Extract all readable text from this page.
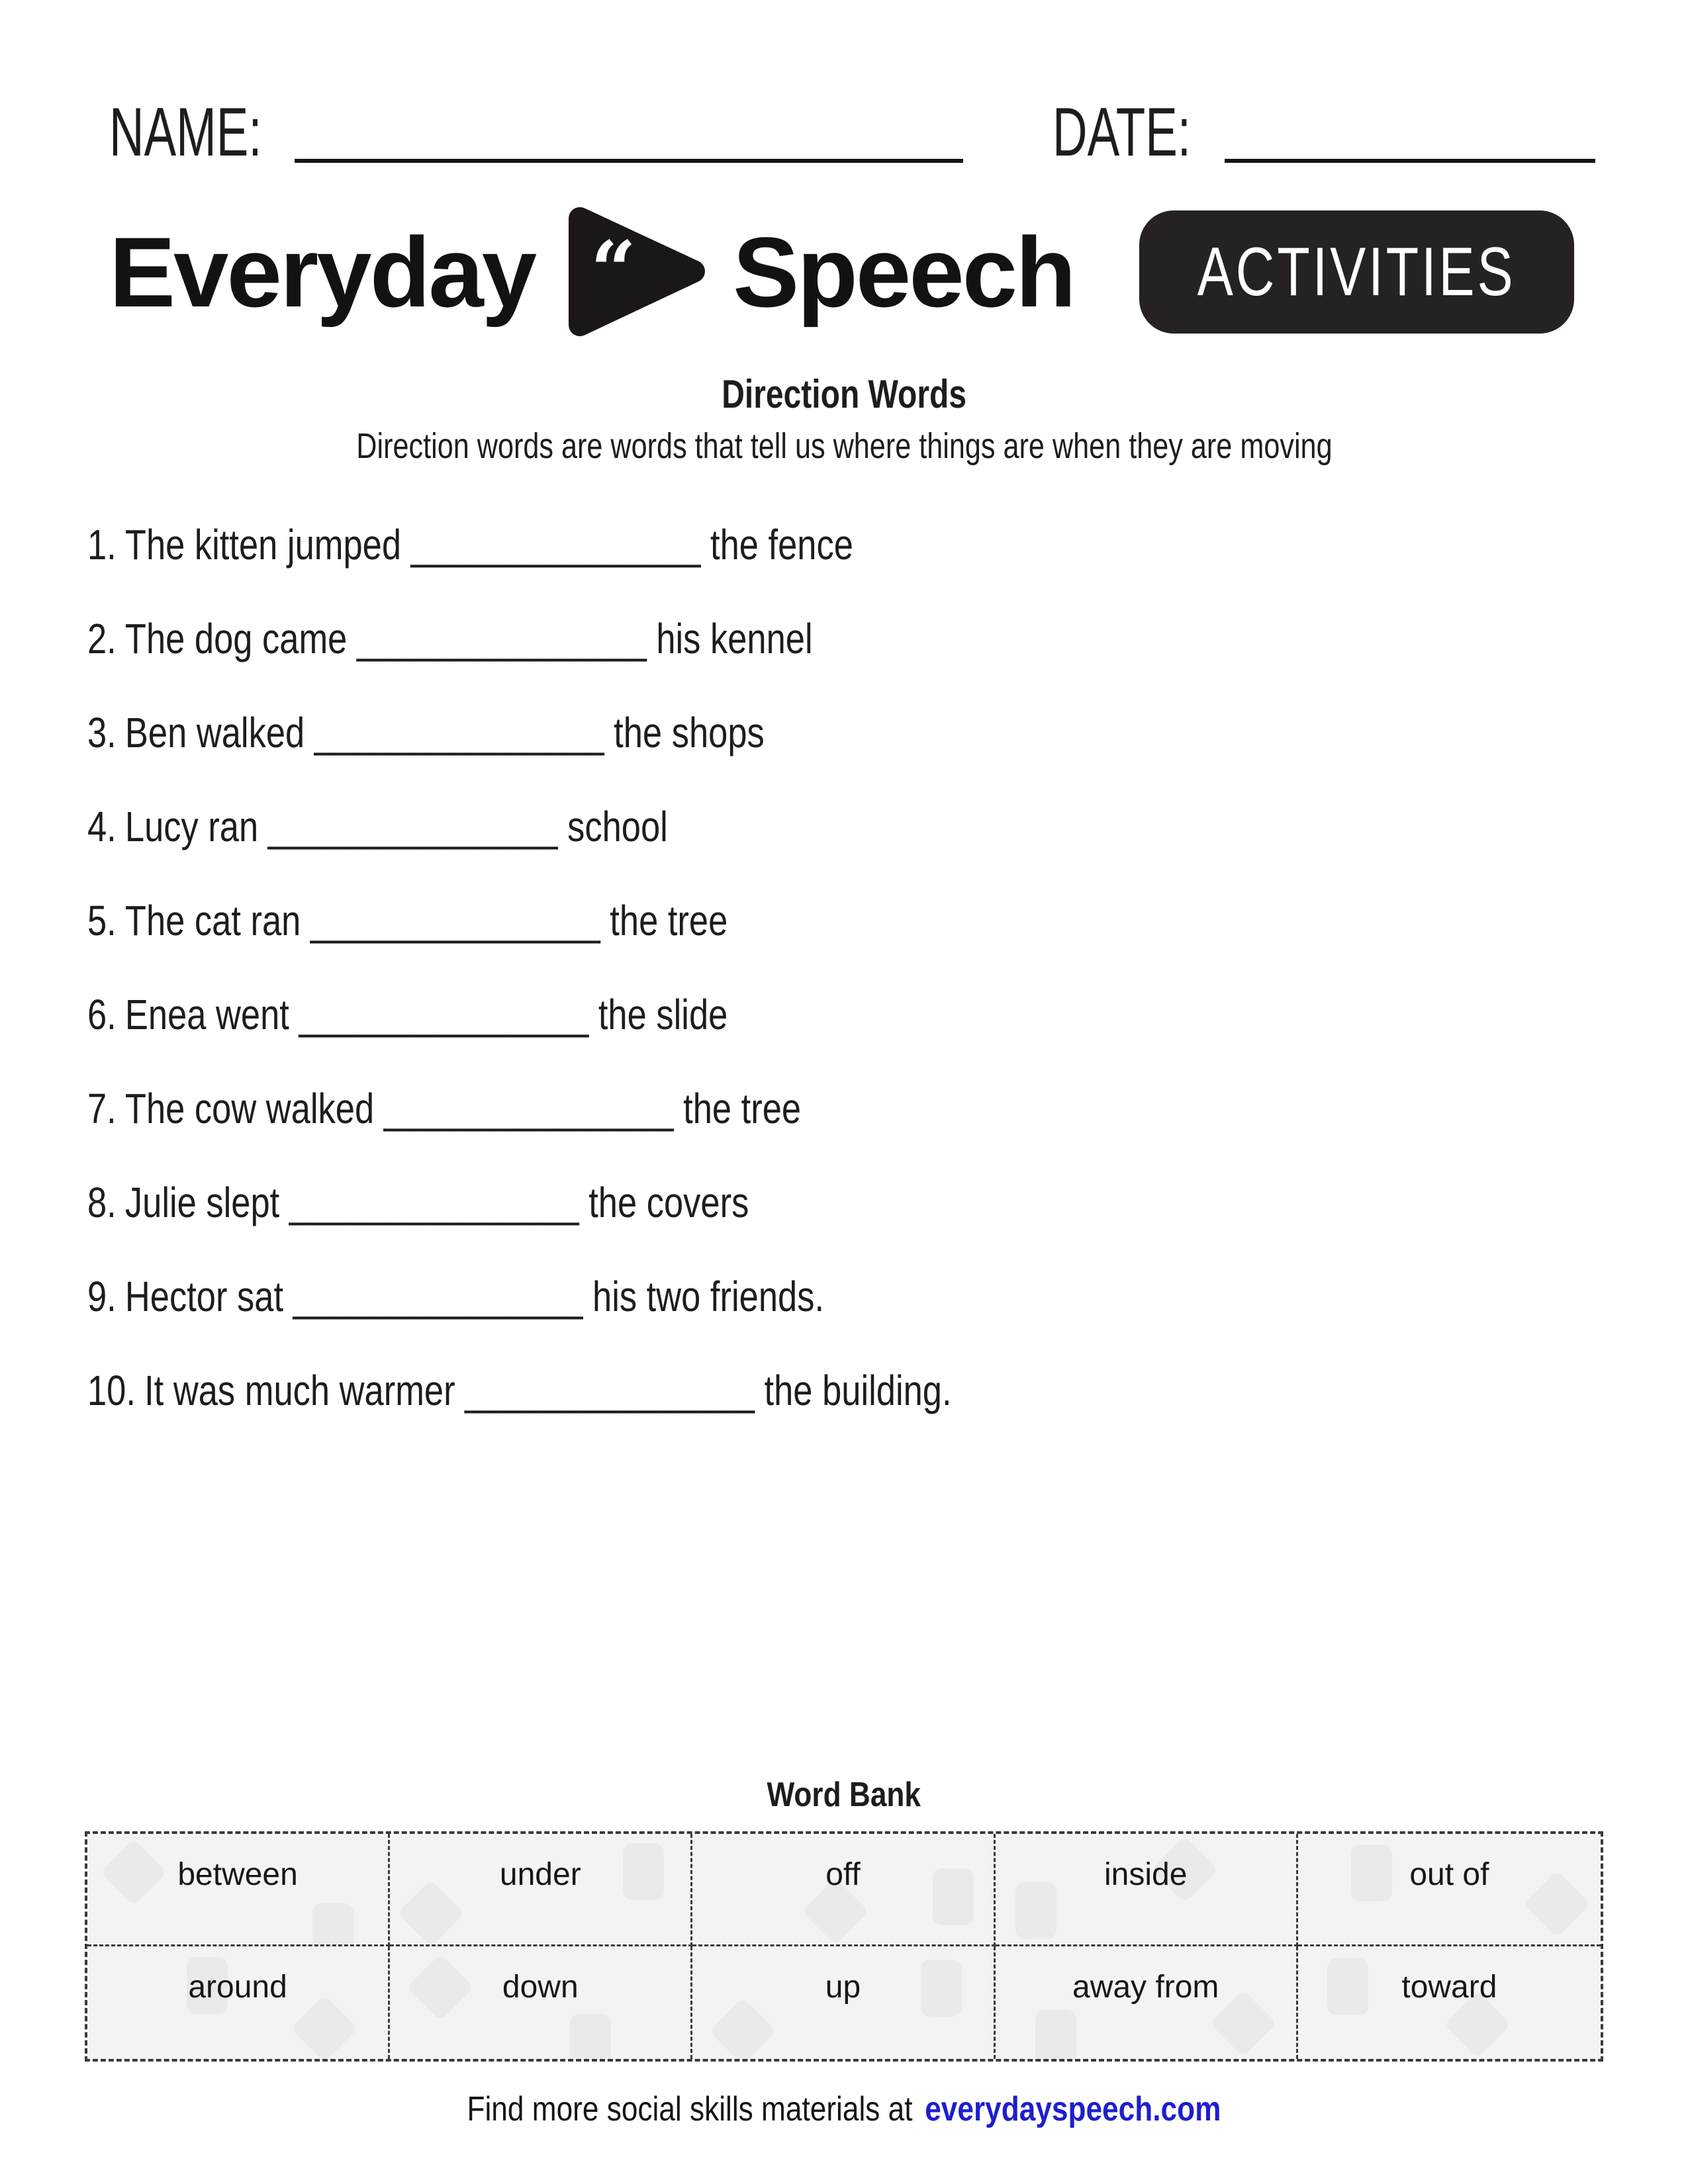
NAME:	DATE:
Everyday “ Speech ACTIVITIES
Direction Words
Direction words are words that tell us where things are when they are moving
1. The kitten jumped _______________ the fence
2. The dog came _______________ his kennel
3. Ben walked _______________ the shops
4. Lucy ran _______________ school
5. The cat ran _______________ the tree
6. Enea went _______________ the slide
7. The cow walked _______________ the tree
8. Julie slept _______________ the covers
9. Hector sat _______________ his two friends.
10. It was much warmer _______________ the building.
Word Bank
between	under	off	inside	out of
around	down	up	away from	toward
Find more social skills materials at everydayspeech.com
